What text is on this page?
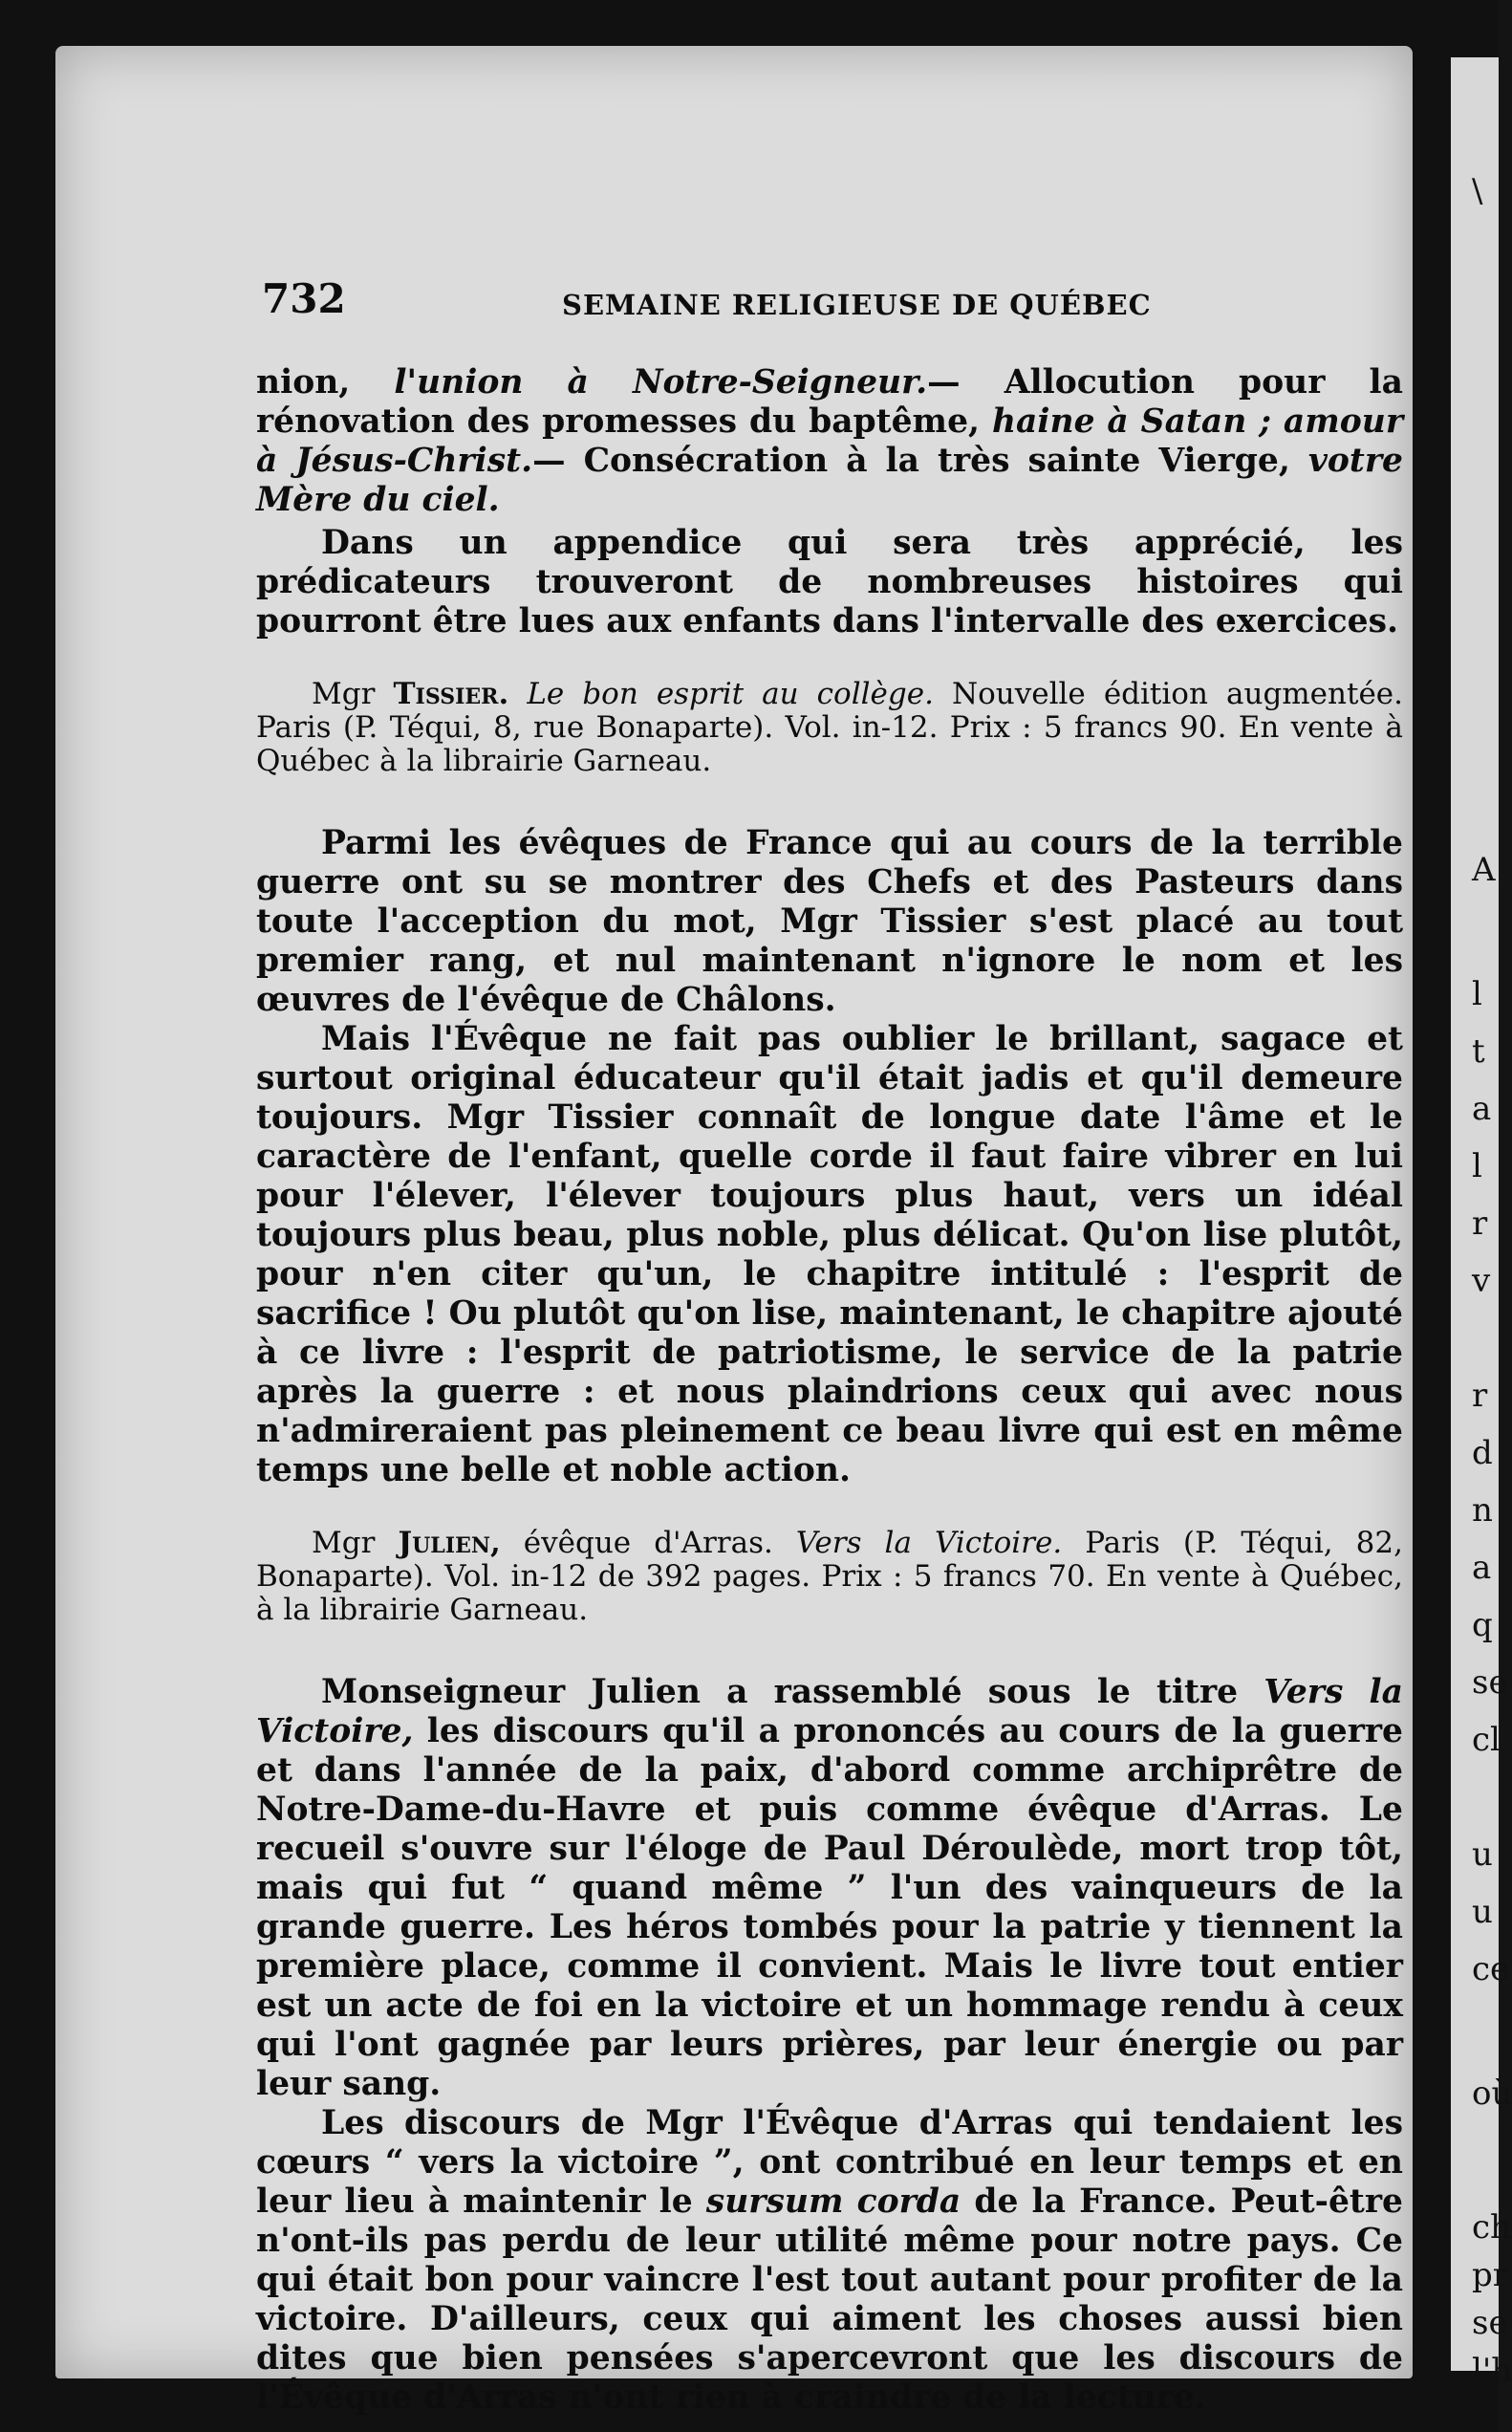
732	SEMAINE RELIGIEUSE DE QUÉBEC

nion, l'union à Notre-Seigneur.— Allocution pour la rénovation des promesses du baptême, haine à Satan ; amour à Jésus-Christ.— Consécration à la très sainte Vierge, votre Mère du ciel.

Dans un appendice qui sera très apprécié, les prédicateurs trouveront de nombreuses histoires qui pourront être lues aux enfants dans l'intervalle des exercices.

Mgr Tissier. Le bon esprit au collège. Nouvelle édition augmentée. Paris (P. Téqui, 8, rue Bonaparte). Vol. in-12. Prix : 5 francs 90. En vente à Québec à la librairie Garneau.

Parmi les évêques de France qui au cours de la terrible guerre ont su se montrer des Chefs et des Pasteurs dans toute l'acception du mot, Mgr Tissier s'est placé au tout premier rang, et nul maintenant n'ignore le nom et les œuvres de l'évêque de Châlons.

Mais l'Évêque ne fait pas oublier le brillant, sagace et surtout original éducateur qu'il était jadis et qu'il demeure toujours. Mgr Tissier connaît de longue date l'âme et le caractère de l'enfant, quelle corde il faut faire vibrer en lui pour l'élever, l'élever toujours plus haut, vers un idéal toujours plus beau, plus noble, plus délicat. Qu'on lise plutôt, pour n'en citer qu'un, le chapitre intitulé : l'esprit de sacrifice ! Ou plutôt qu'on lise, maintenant, le chapitre ajouté à ce livre : l'esprit de patriotisme, le service de la patrie après la guerre : et nous plaindrions ceux qui avec nous n'admireraient pas pleinement ce beau livre qui est en même temps une belle et noble action.

Mgr Julien, évêque d'Arras. Vers la Victoire. Paris (P. Téqui, 82, Bonaparte). Vol. in-12 de 392 pages. Prix : 5 francs 70. En vente à Québec, à la librairie Garneau.

Monseigneur Julien a rassemblé sous le titre Vers la Victoire, les discours qu'il a prononcés au cours de la guerre et dans l'année de la paix, d'abord comme archiprêtre de Notre-Dame-du-Havre et puis comme évêque d'Arras. Le recueil s'ouvre sur l'éloge de Paul Déroulède, mort trop tôt, mais qui fut “ quand même ” l'un des vainqueurs de la grande guerre. Les héros tombés pour la patrie y tiennent la première place, comme il convient. Mais le livre tout entier est un acte de foi en la victoire et un hommage rendu à ceux qui l'ont gagnée par leurs prières, par leur énergie ou par leur sang.

Les discours de Mgr l'Évêque d'Arras qui tendaient les cœurs “ vers la victoire ”, ont contribué en leur temps et en leur lieu à maintenir le sursum corda de la France. Peut-être n'ont-ils pas perdu de leur utilité même pour notre pays. Ce qui était bon pour vaincre l'est tout autant pour profiter de la victoire. D'ailleurs, ceux qui aiment les choses aussi bien dites que bien pensées s'apercevront que les discours de l'Évêque d'Arras n'ont rien à craindre de la lecture.

\
A
l
t
a
l
r
v
r
d
n
a
q
se
cl
u
u
ce
où
ch
pr
se
l'h
